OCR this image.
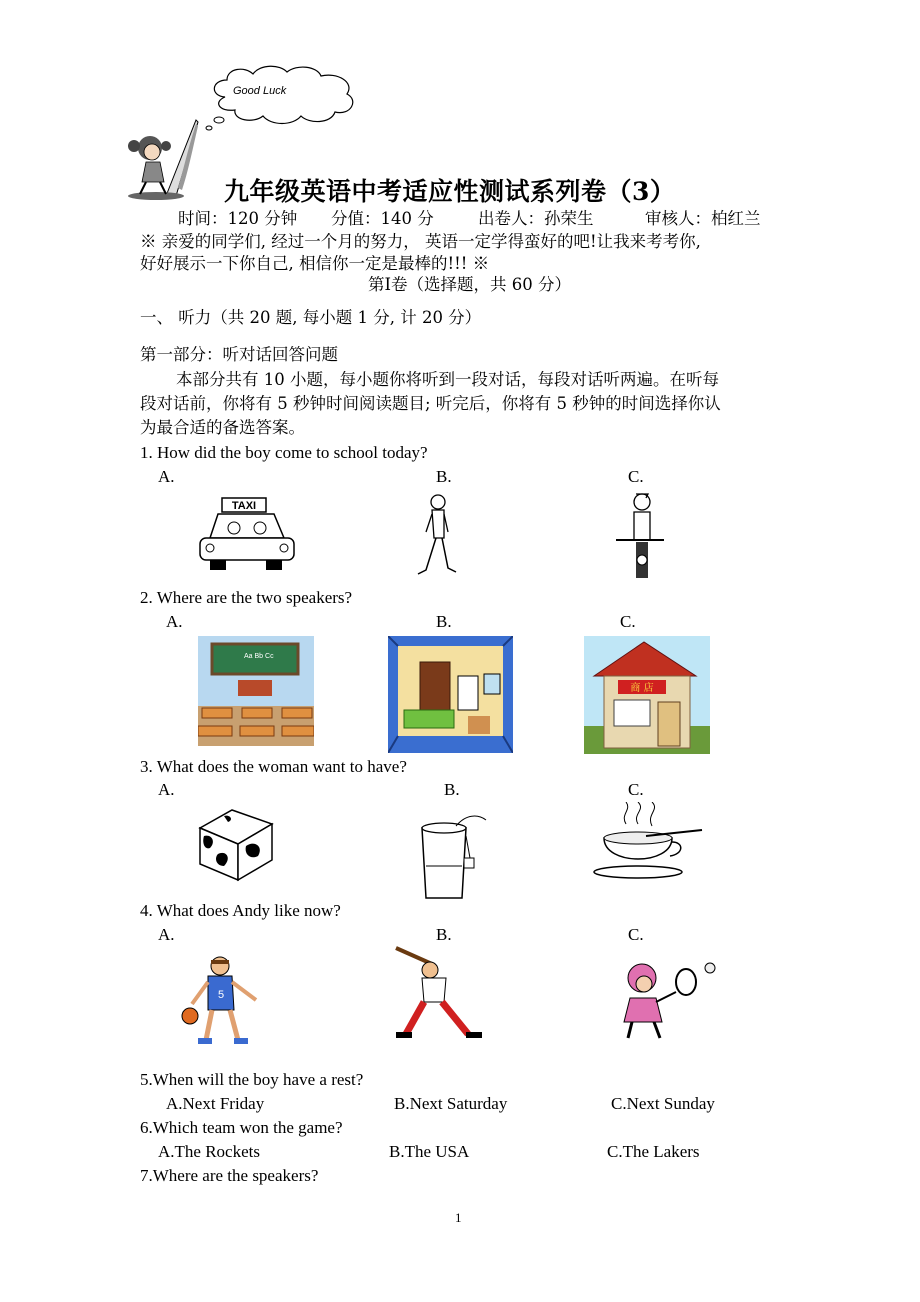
Good Luck
九年级英语中考适应性测试系列卷（3）
时间：120 分钟 分值：140 分	出卷人：孙荣生	审核人：柏红兰
※ 亲爱的同学们, 经过一个月的努力， 英语一定学得蛮好的吧!让我来考考你,
好好展示一下你自己, 相信你一定是最棒的!!! ※
第Ⅰ卷（选择题，共 60 分）
一、 听力（共 20 题, 每小题 1 分, 计 20 分）
第一部分：听对话回答问题
本部分共有 10 小题，每小题你将听到一段对话，每段对话听两遍。在听每
段对话前，你将有 5 秒钟时间阅读题目; 听完后，你将有 5 秒钟的时间选择你认
为最合适的备选答案。
1. How did the boy come to school today?
A.	B.	C.
TAXI
2. Where are the two speakers?
A.	B.	C.
Aa Bb Cc
商 店
3. What does the woman want to have?
A.	B.	C.
4. What does Andy like now?
A.	B.	C.
5
5.When will the boy have a rest?
A.Next Friday	B.Next Saturday	C.Next Sunday
6.Which team won the game?
A.The Rockets	B.The USA	C.The Lakers
7.Where are the speakers?
1
